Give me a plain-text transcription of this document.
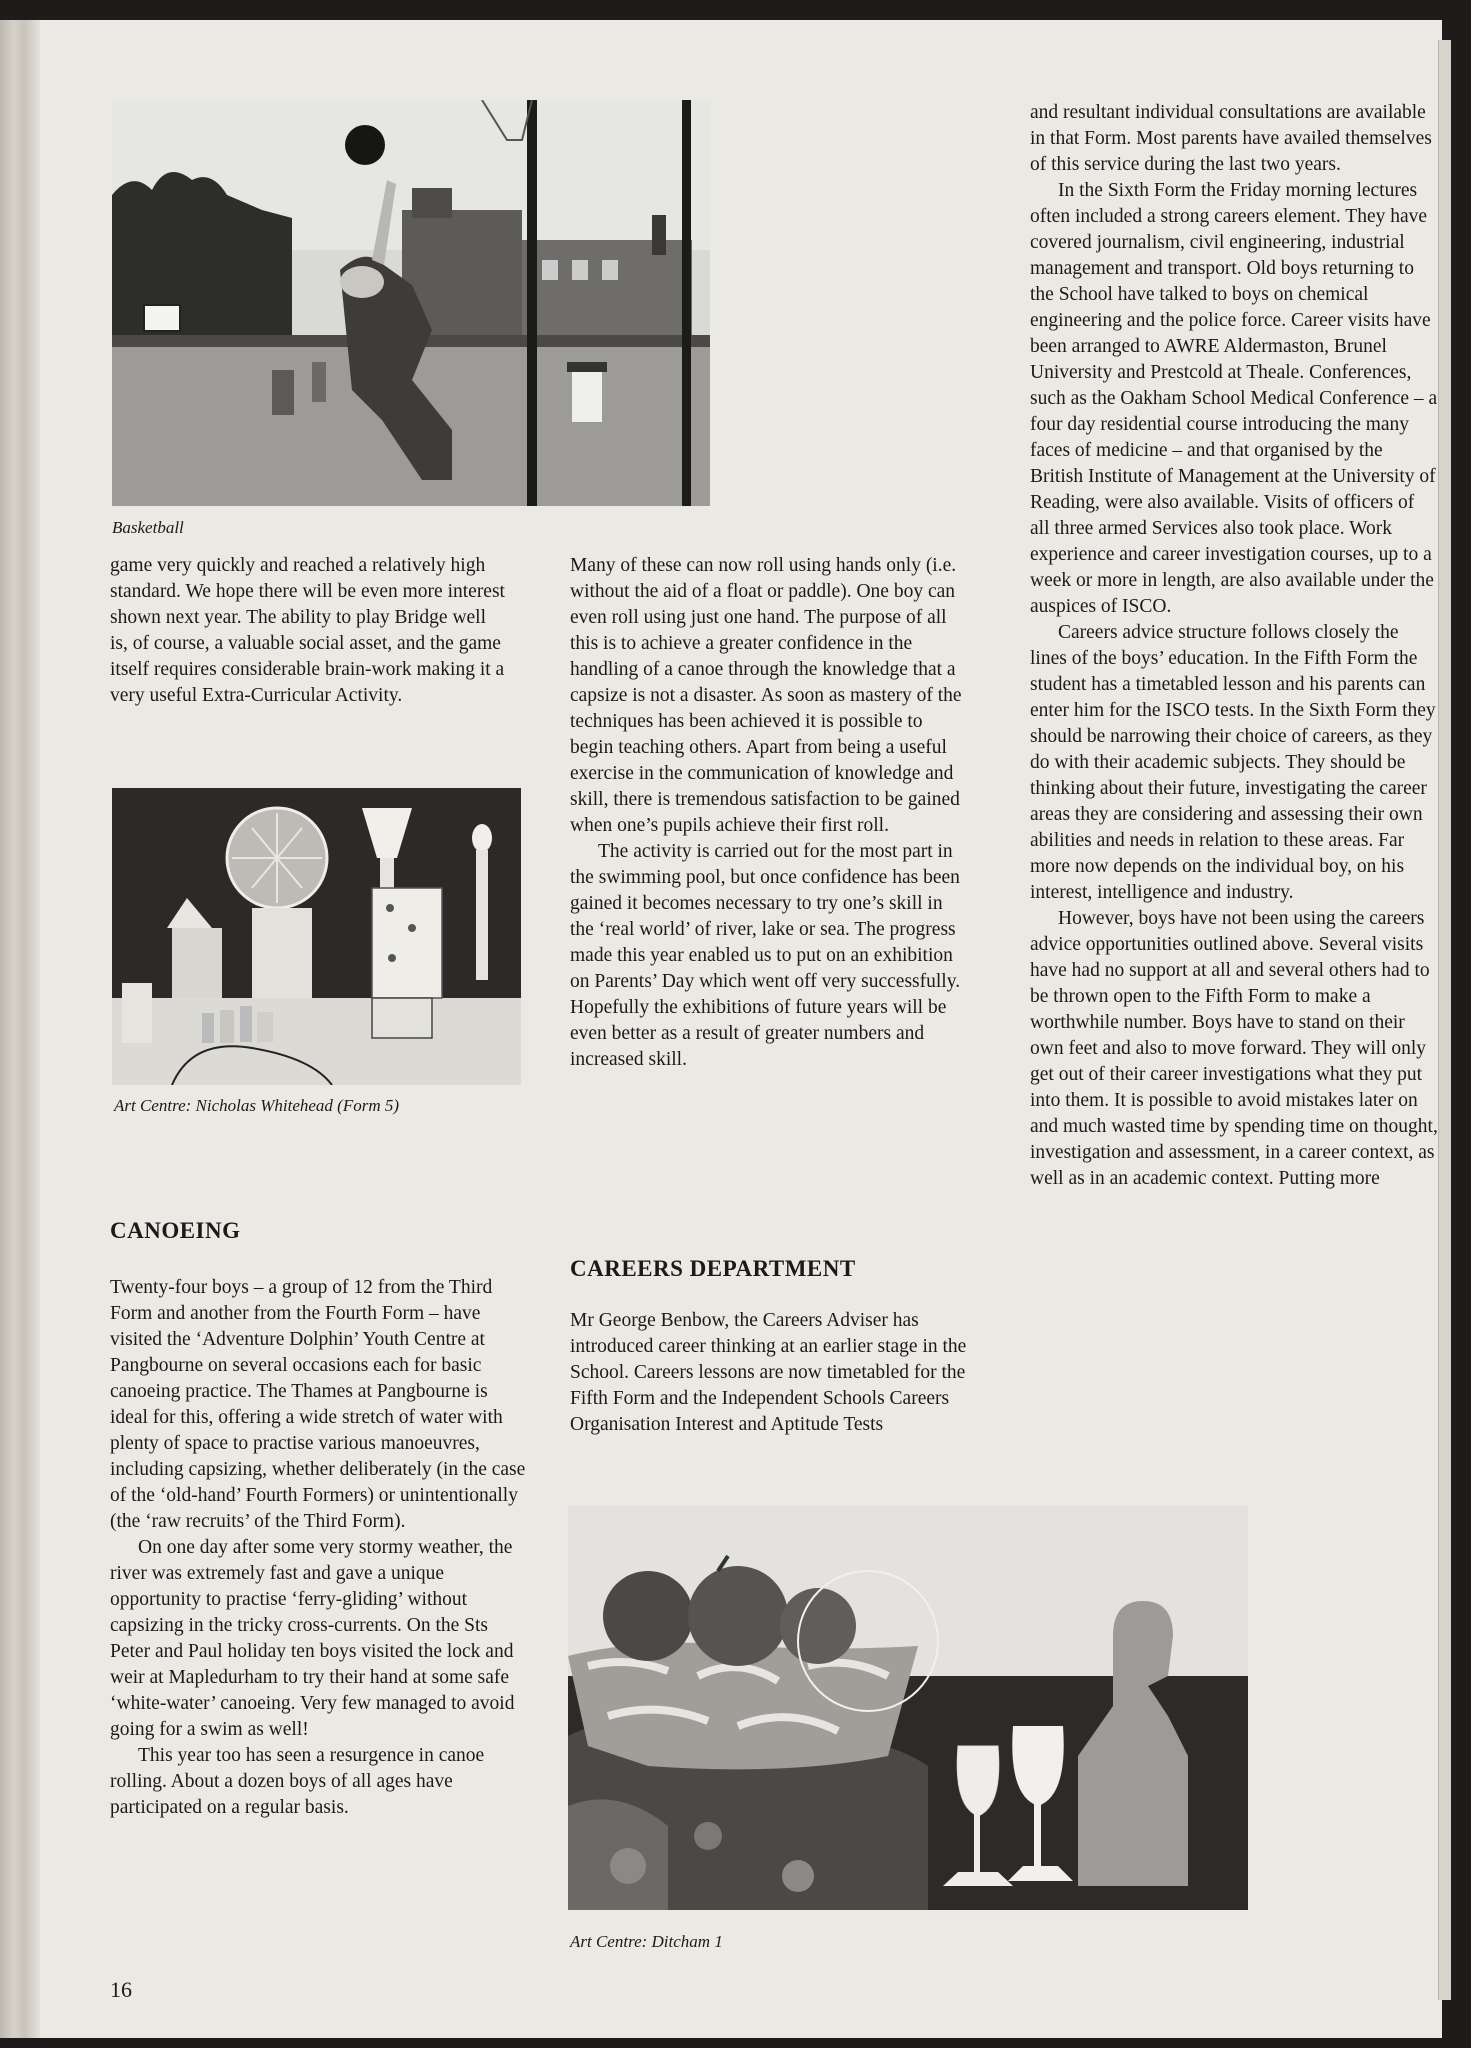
Basketball

game very quickly and reached a relatively high standard. We hope there will be even more interest shown next year. The ability to play Bridge well is, of course, a valuable social asset, and the game itself requires considerable brain-work making it a very useful Extra-Curricular Activity.

Art Centre: Nicholas Whitehead (Form 5)
CANOEING

Twenty-four boys – a group of 12 from the Third Form and another from the Fourth Form – have visited the ‘Adventure Dolphin’ Youth Centre at Pangbourne on several occasions each for basic canoeing practice. The Thames at Pangbourne is ideal for this, offering a wide stretch of water with plenty of space to practise various manoeuvres, including capsizing, whether deliberately (in the case of the ‘old-hand’ Fourth Formers) or unintentionally (the ‘raw recruits’ of the Third Form).

On one day after some very stormy weather, the river was extremely fast and gave a unique opportunity to practise ‘ferry-gliding’ without capsizing in the tricky cross-currents. On the Sts Peter and Paul holiday ten boys visited the lock and weir at Mapledurham to try their hand at some safe ‘white-water’ canoeing. Very few managed to avoid going for a swim as well!

This year too has seen a resurgence in canoe rolling. About a dozen boys of all ages have participated on a regular basis.

Many of these can now roll using hands only (i.e. without the aid of a float or paddle). One boy can even roll using just one hand. The purpose of all this is to achieve a greater confidence in the handling of a canoe through the knowledge that a capsize is not a disaster. As soon as mastery of the techniques has been achieved it is possible to begin teaching others. Apart from being a useful exercise in the communication of knowledge and skill, there is tremendous satisfaction to be gained when one’s pupils achieve their first roll.

The activity is carried out for the most part in the swimming pool, but once confidence has been gained it becomes necessary to try one’s skill in the ‘real world’ of river, lake or sea. The progress made this year enabled us to put on an exhibition on Parents’ Day which went off very successfully. Hopefully the exhibitions of future years will be even better as a result of greater numbers and increased skill.

CAREERS DEPARTMENT

Mr George Benbow, the Careers Adviser has introduced career thinking at an earlier stage in the School. Careers lessons are now timetabled for the Fifth Form and the Independent Schools Careers Organisation Interest and Aptitude Tests

and resultant individual consultations are available in that Form. Most parents have availed themselves of this service during the last two years.

In the Sixth Form the Friday morning lectures often included a strong careers element. They have covered journalism, civil engineering, industrial management and transport. Old boys returning to the School have talked to boys on chemical engineering and the police force. Career visits have been arranged to AWRE Aldermaston, Brunel University and Prestcold at Theale. Conferences, such as the Oakham School Medical Conference – a four day residential course introducing the many faces of medicine – and that organised by the British Institute of Management at the University of Reading, were also available. Visits of officers of all three armed Services also took place. Work experience and career investigation courses, up to a week or more in length, are also available under the auspices of ISCO.

Careers advice structure follows closely the lines of the boys’ education. In the Fifth Form the student has a timetabled lesson and his parents can enter him for the ISCO tests. In the Sixth Form they should be narrowing their choice of careers, as they do with their academic subjects. They should be thinking about their future, investigating the career areas they are considering and assessing their own abilities and needs in relation to these areas. Far more now depends on the individual boy, on his interest, intelligence and industry.

However, boys have not been using the careers advice opportunities outlined above. Several visits have had no support at all and several others had to be thrown open to the Fifth Form to make a worthwhile number. Boys have to stand on their own feet and also to move forward. They will only get out of their career investigations what they put into them. It is possible to avoid mistakes later on and much wasted time by spending time on thought, investigation and assessment, in a career context, as well as in an academic context. Putting more

Art Centre: Ditcham 1
16
